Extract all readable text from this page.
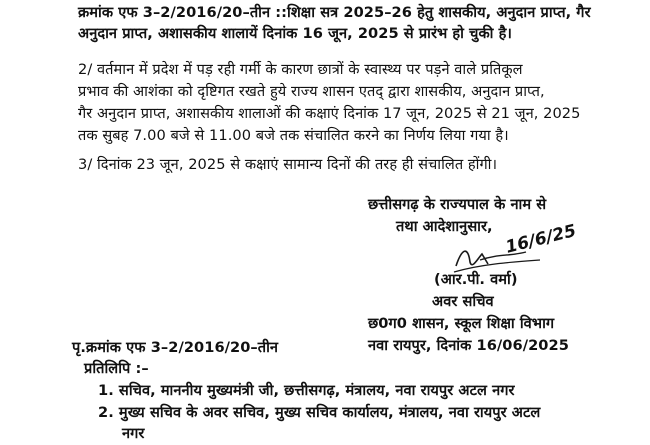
क्रमांक एफ 3–2/2016/20–तीन ::शिक्षा सत्र 2025–26 हेतु शासकीय, अनुदान प्राप्त, गैर
अनुदान प्राप्त, अशासकीय शालायें दिनांक 16 जून, 2025 से प्रारंभ हो चुकी है।
2/ वर्तमान में प्रदेश में पड़ रही गर्मी के कारण छात्रों के स्वास्थ्य पर पड़ने वाले प्रतिकूल
प्रभाव की आशंका को दृष्टिगत रखते हुये राज्य शासन एतद् द्वारा शासकीय, अनुदान प्राप्त,
गैर अनुदान प्राप्त, अशासकीय शालाओं की कक्षाएं दिनांक 17 जून, 2025 से 21 जून, 2025
तक सुबह 7.00 बजे से 11.00 बजे तक संचालित करने का निर्णय लिया गया है।
3/ दिनांक 23 जून, 2025 से कक्षाएं सामान्य दिनों की तरह ही संचालित होंगी।
छत्तीसगढ़ के राज्यपाल के नाम से
तथा आदेशानुसार, 16/6/25
(आर.पी. वर्मा)
अवर सचिव
छ0ग0 शासन, स्कूल शिक्षा विभाग
नवा रायपुर, दिनांक 16/06/2025
पृ.क्रमांक एफ 3–2/2016/20–तीन
प्रतिलिपि :–
1. सचिव, माननीय मुख्यमंत्री जी, छत्तीसगढ़, मंत्रालय, नवा रायपुर अटल नगर
2. मुख्य सचिव के अवर सचिव, मुख्य सचिव कार्यालय, मंत्रालय, नवा रायपुर अटल
नगर
